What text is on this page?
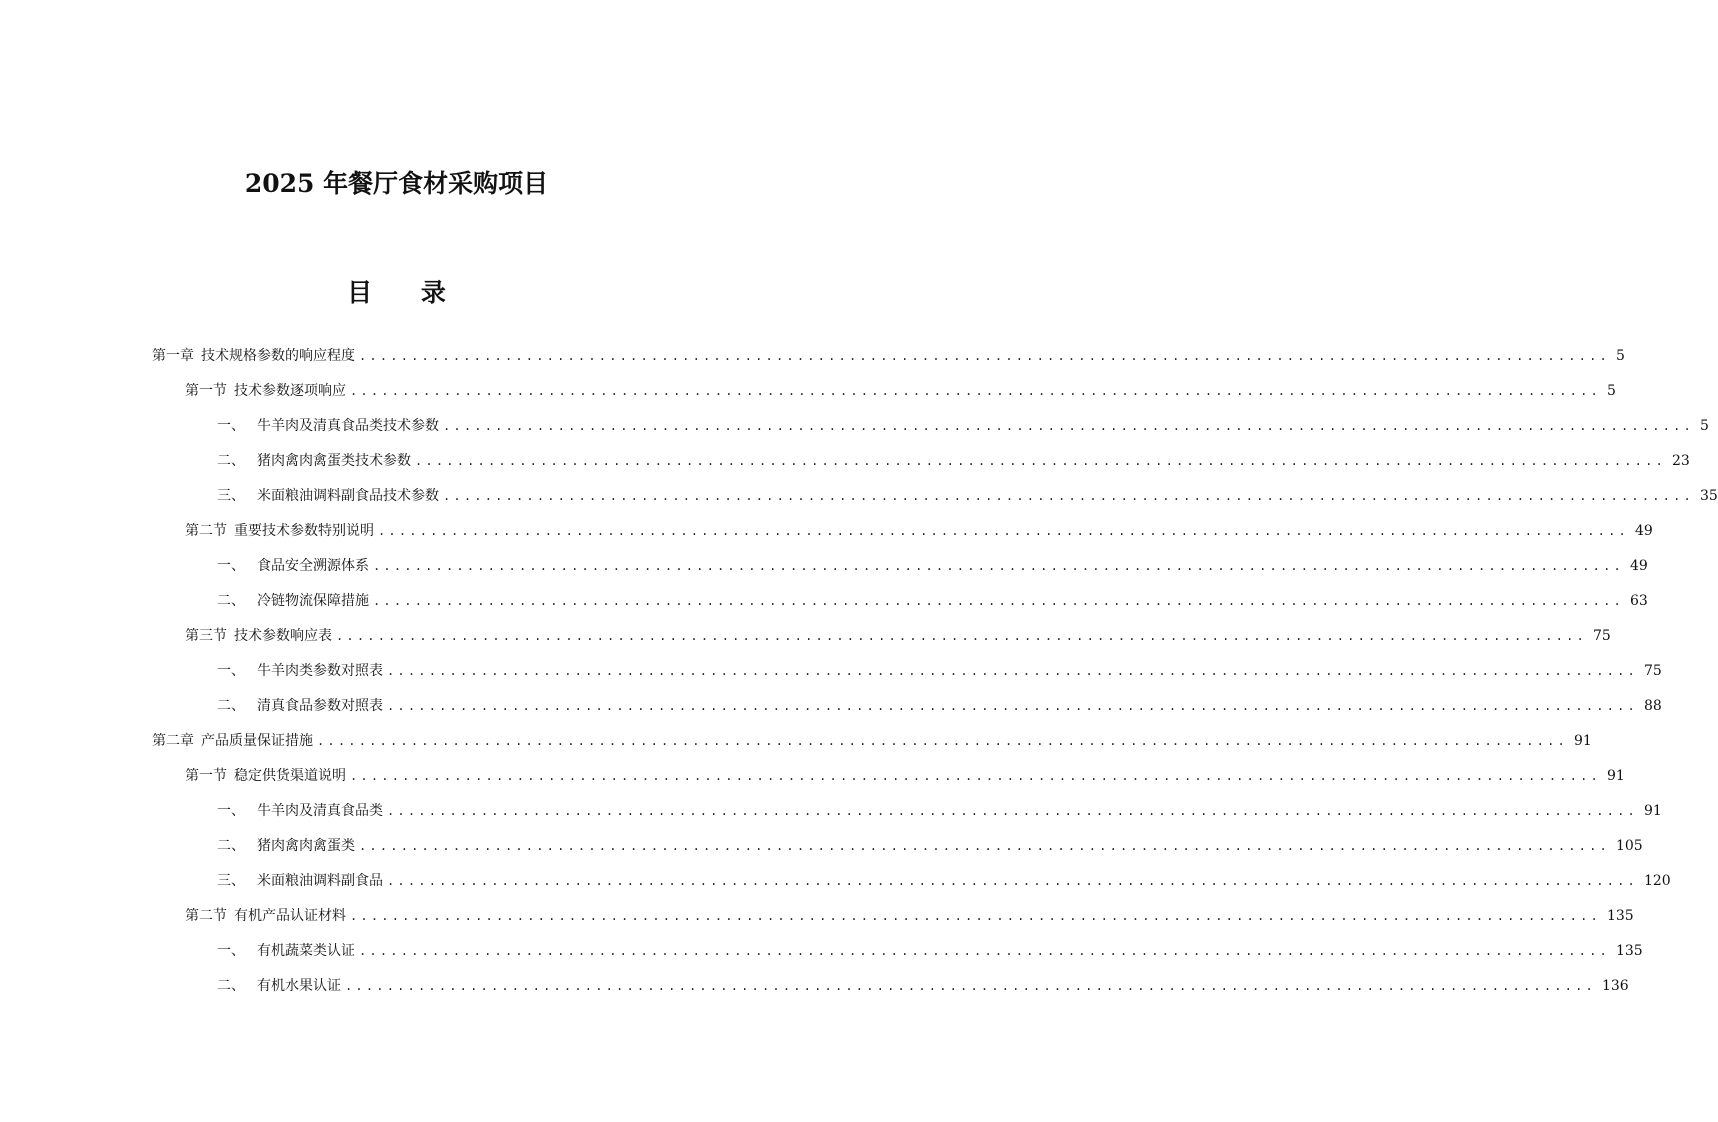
2025 年餐厅食材采购项目
目 录
第一章 技术规格参数的响应程度 ........................................................................................................................ 5
第一节 技术参数逐项响应 ........................................................................................................................ 5
一、 牛羊肉及清真食品类技术参数 ........................................................................................................................ 5
二、 猪肉禽肉禽蛋类技术参数 ........................................................................................................................ 23
三、 米面粮油调料副食品技术参数 ........................................................................................................................ 35
第二节 重要技术参数特别说明 ........................................................................................................................ 49
一、 食品安全溯源体系 ........................................................................................................................ 49
二、 冷链物流保障措施 ........................................................................................................................ 63
第三节 技术参数响应表 ........................................................................................................................ 75
一、 牛羊肉类参数对照表 ........................................................................................................................ 75
二、 清真食品参数对照表 ........................................................................................................................ 88
第二章 产品质量保证措施 ........................................................................................................................ 91
第一节 稳定供货渠道说明 ........................................................................................................................ 91
一、 牛羊肉及清真食品类 ........................................................................................................................ 91
二、 猪肉禽肉禽蛋类 ........................................................................................................................ 105
三、 米面粮油调料副食品 ........................................................................................................................ 120
第二节 有机产品认证材料 ........................................................................................................................ 135
一、 有机蔬菜类认证 ........................................................................................................................ 135
二、 有机水果认证 ........................................................................................................................ 136
